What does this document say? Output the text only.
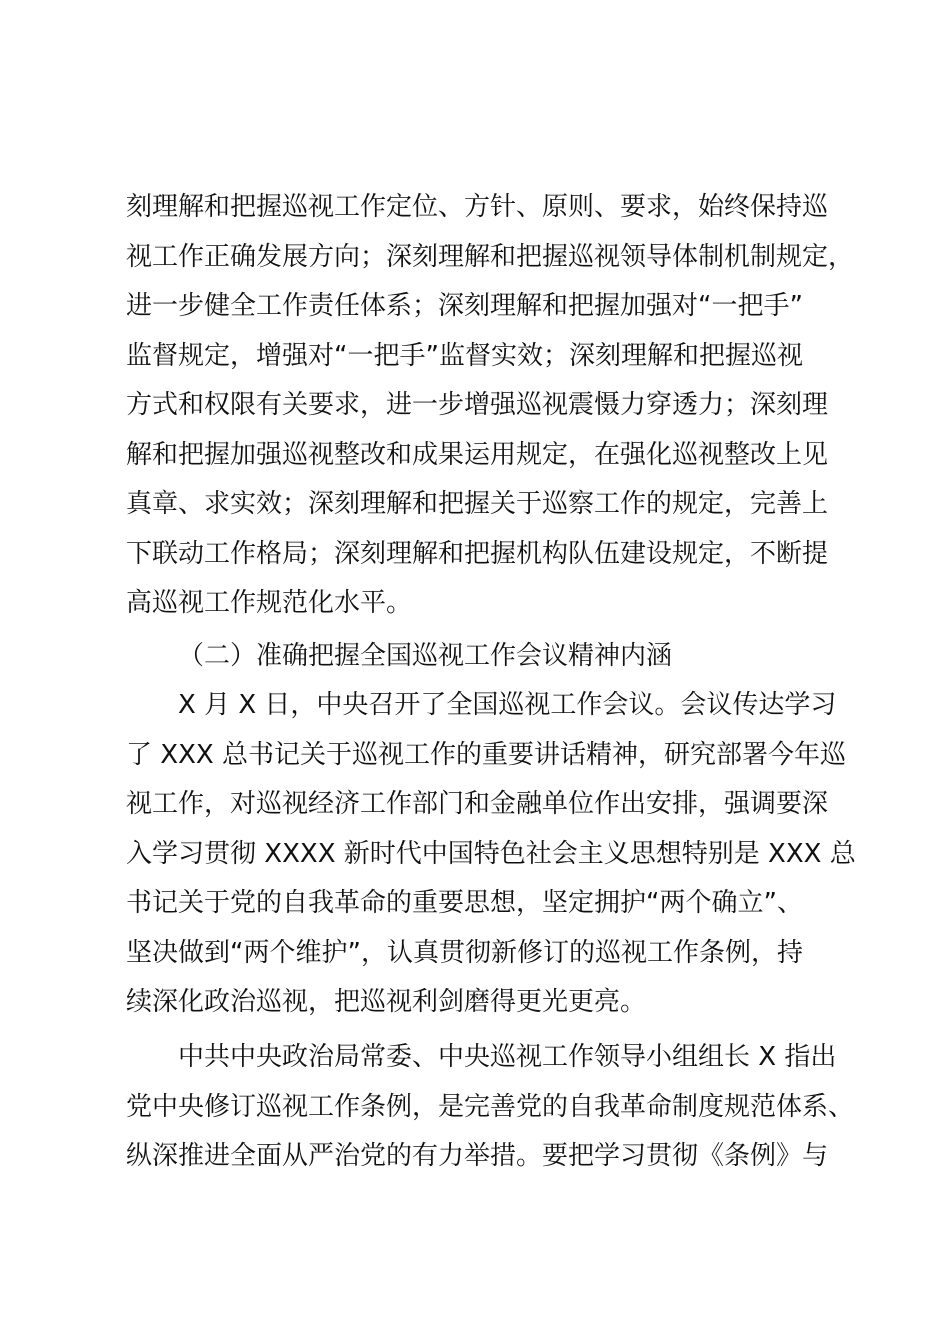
刻理解和把握巡视工作定位、方针、原则、要求，始终保持巡
视工作正确发展方向；深刻理解和把握巡视领导体制机制规定，
进一步健全工作责任体系；深刻理解和把握加强对“一把手”
监督规定，增强对“一把手”监督实效；深刻理解和把握巡视
方式和权限有关要求，进一步增强巡视震慑力穿透力；深刻理
解和把握加强巡视整改和成果运用规定，在强化巡视整改上见
真章、求实效；深刻理解和把握关于巡察工作的规定，完善上
下联动工作格局；深刻理解和把握机构队伍建设规定，不断提
高巡视工作规范化水平。
（二）准确把握全国巡视工作会议精神内涵
X 月 X 日，中央召开了全国巡视工作会议。会议传达学习
了 XXX 总书记关于巡视工作的重要讲话精神，研究部署今年巡
视工作，对巡视经济工作部门和金融单位作出安排，强调要深
入学习贯彻 XXXX 新时代中国特色社会主义思想特别是 XXX 总
书记关于党的自我革命的重要思想，坚定拥护“两个确立”、
坚决做到“两个维护”，认真贯彻新修订的巡视工作条例，持
续深化政治巡视，把巡视利剑磨得更光更亮。
中共中央政治局常委、中央巡视工作领导小组组长 X 指出
党中央修订巡视工作条例，是完善党的自我革命制度规范体系、
纵深推进全面从严治党的有力举措。要把学习贯彻《条例》与
